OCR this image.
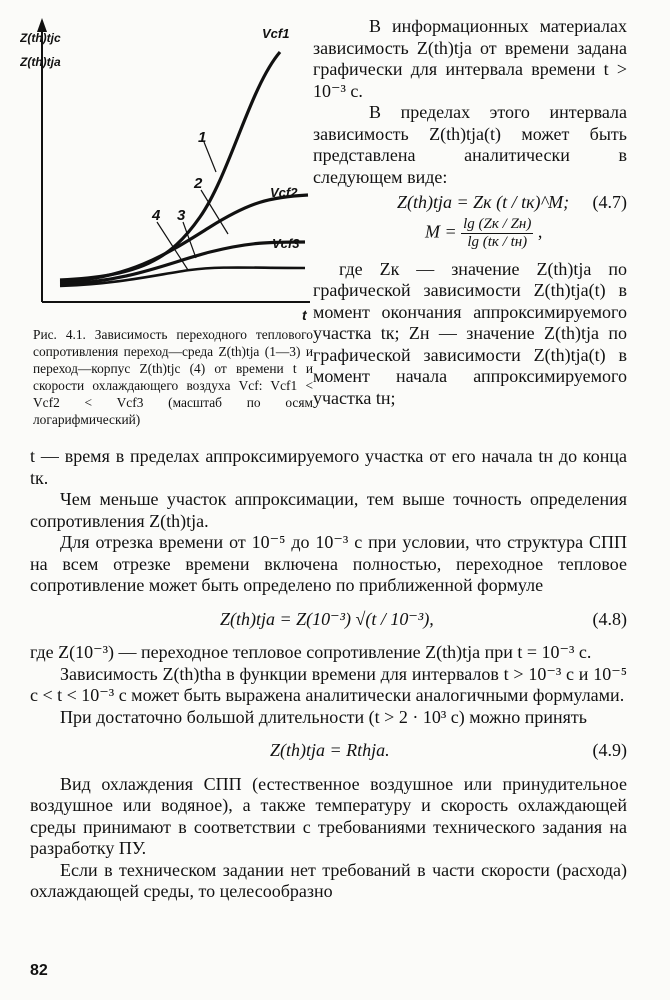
Z(th)tjc
Z(th)tja
t
1
2
3
4
Vcf1
Vcf2
Vcf3
Рис. 4.1. Зависимость переходного теплового сопротивления переход—среда Z(th)tja (1—3) и переход—корпус Z(th)tjc (4) от времени t и скорости охлаждающего воздуха Vcf: Vcf1 < Vcf2 < Vcf3 (масштаб по осям логарифмический)

В информационных материалах зависимость Z(th)tja от времени задана графически для интервала времени t > 10⁻³ с.

В пределах этого интервала зависимость Z(th)tja(t) может быть представлена аналитически в следующем виде:

Z(th)tja = Zк (t / tк)^M; (4.7)
$M = \frac{\lg (Zк / Zн)}{\lg (tк / tн)}$ ,

где Zк — значение Z(th)tja по графической зависимости Z(th)tja(t) в момент окончания аппроксимируемого участка tк; Zн — значение Z(th)tja по графической зависимости Z(th)tja(t) в момент начала аппроксимируемого участка tн;

t — время в пределах аппроксимируемого участка от его начала tн до конца tк.

Чем меньше участок аппроксимации, тем выше точность определения сопротивления Z(th)tja.

Для отрезка времени от 10⁻⁵ до 10⁻³ с при условии, что структура СПП на всем отрезке времени включена полностью, переходное тепловое сопротивление может быть определено по приближенной формуле

Z(th)tja = Z(10⁻³) √(t / 10⁻³),	(4.8)

где Z(10⁻³) — переходное тепловое сопротивление Z(th)tja при t = 10⁻³ с.

Зависимость Z(th)tha в функции времени для интервалов t > 10⁻³ с и 10⁻⁵ с < t < 10⁻³ с может быть выражена аналитически аналогичными формулами.

При достаточно большой длительности (t > 2 · 10³ с) можно принять

Z(th)tja = Rthja.	(4.9)

Вид охлаждения СПП (естественное воздушное или принудительное воздушное или водяное), а также температуру и скорость охлаждающей среды принимают в соответствии с требованиями технического задания на разработку ПУ.

Если в техническом задании нет требований в части скорости (расхода) охлаждающей среды, то целесообразно

82
